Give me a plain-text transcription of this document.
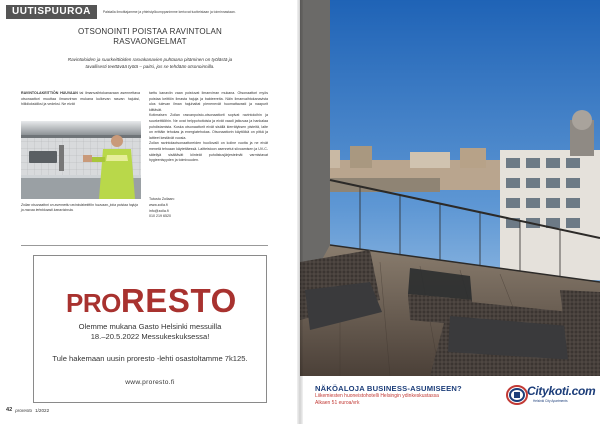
UUTISPUUROA	Palstalla ilmoittajamme ja yhteistyökumppanimme kertovat tuotteistaan ja toiminnastaan.
OTSONOINTI POISTAA RAVINTOLAN
RASVAONGELMAT
Ravintoloiden ja suurkeittiöiden rasvakanavien puhtaana pitäminen on työlästä ja tavallisesti teettävää työtä – paitsi, jos se tehdään otsonoinnilla.
RAVINTOLAKEITTIÖN HUUVAAN tai ilmanvaihtokanavaan asennettava otsonaattori muuttaa ilmanvirran mukana kulkevan rasvan hajuksi, hiilidioksidiksi ja vedeksi. Ne eivät
Zoilan otsonaattori on asennettu ravintolakeittiön huuvaan, joka poistaa hajuja ja rasvaa tehokkaasti kanavistosta.
tarttu kanaviin vaan poistuvat ilmanvirran mukana. Otsonaattori myös poistaa keittiön ilmasta hajuja ja bakteereita. Näin ilmanvaihtokanavista ulos tulevan ilman hajuhaitat pienenevät huomattavasti ja naapurit kiittävät.
Kotimaisen Zoilan rasvanpoisto-otsonaattorit sopivat ravintoloihin ja suurkeittiöihin. Ne ovat helppohoitoisia ja eivät vaadi jatkuvaa ja hankalaa puhdistamista. Koska otsonaattorit eivät sisällä kierrätyksen pisteitä, laite on erittäin tehokas ja energiatehokas. Otsonaattorin käyttöikä on pitkä ja laitteet kestävät vuosia.
Zoilan ravintolaotsonaattoreiden huollovalli on koline vuotta ja ne eivät menetä tehoaan käytettäessä. Laitteistoon asennetut siivoamisen ja UV-C-säteilyä sisältävät kiinteät puhdistusjärjestelmät varmistavat hygieenisyyden ja toimivuuden.
Tutustu Zoilaan:
www.zoila.fi
info@zoila.fi
010 219 6520
PRO RESTO
Olemme mukana Gasto Helsinki messuilla
18.–20.5.2022 Messukeskuksessa!
Tule hakemaan uusin proresto -lehti osastoltamme 7k125.
www.proresto.fi
42 proresto 1/2022
NÄKÖALOJA BUSINESS-ASUMISEEN?
Liikemiesten huoneistohotelli Helsingin ydinkeskustassa
Alkaen 51 euroa/vrk
Citykoti.com
Helsinki City Apartments
